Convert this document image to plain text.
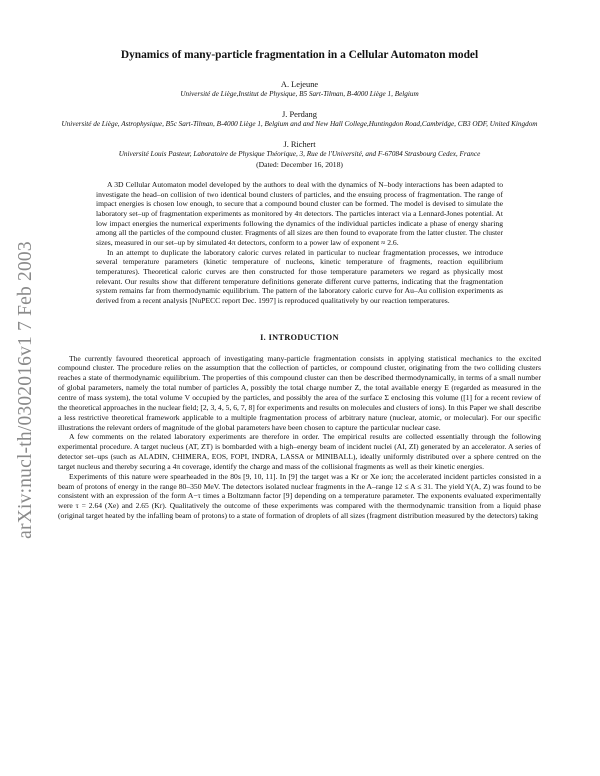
arXiv:nucl-th/0302016v1 7 Feb 2003
Dynamics of many-particle fragmentation in a Cellular Automaton model

A. Lejeune

Université de Liège,Institut de Physique, B5 Sart-Tilman, B-4000 Liège 1, Belgium

J. Perdang

Université de Liège, Astrophysique, B5c Sart-Tilman, B-4000 Liège 1, Belgium and and New Hall College,Huntingdon Road,Cambridge, CB3 ODF, United Kingdom

J. Richert

Université Louis Pasteur, Laboratoire de Physique Théorique, 3, Rue de l'Université, and F-67084 Strasbourg Cedex, France

(Dated: December 16, 2018)

A 3D Cellular Automaton model developed by the authors to deal with the dynamics of N–body interactions has been adapted to investigate the head–on collision of two identical bound clusters of particles, and the ensuing process of fragmentation. The range of impact energies is chosen low enough, to secure that a compound bound cluster can be formed. The model is devised to simulate the laboratory set–up of fragmentation experiments as monitored by 4π detectors. The particles interact via a Lennard-Jones potential. At low impact energies the numerical experiments following the dynamics of the individual particles indicate a phase of energy sharing among all the particles of the compound cluster. Fragments of all sizes are then found to evaporate from the latter cluster. The cluster sizes, measured in our set–up by simulated 4π detectors, conform to a power law of exponent ≈ 2.6.

In an attempt to duplicate the laboratory caloric curves related in particular to nuclear fragmentation processes, we introduce several temperature parameters (kinetic temperature of nucleons, kinetic temperature of fragments, reaction equilibrium temperatures). Theoretical caloric curves are then constructed for those temperature parameters we regard as physically most relevant. Our results show that different temperature definitions generate different curve patterns, indicating that the fragmentation system remains far from thermodynamic equilibrium. The pattern of the laboratory caloric curve for Au–Au collision experiments as derived from a recent analysis [NuPECC report Dec. 1997] is reproduced qualitatively by our reaction temperatures.

I. INTRODUCTION

The currently favoured theoretical approach of investigating many-particle fragmentation consists in applying statistical mechanics to the excited compound cluster. The procedure relies on the assumption that the collection of particles, or compound cluster, originating from the two colliding clusters reaches a state of thermodynamic equilibrium. The properties of this compound cluster can then be described thermodynamically, in terms of a small number of global parameters, namely the total number of particles A, possibly the total charge number Z, the total available energy E (regarded as measured in the centre of mass system), the total volume V occupied by the particles, and possibly the area of the surface Σ enclosing this volume ([1] for a recent review of the theoretical approaches in the nuclear field; [2, 3, 4, 5, 6, 7, 8] for experiments and results on molecules and clusters of ions). In this Paper we shall describe a less restrictive theoretical framework applicable to a multiple fragmentation process of arbitrary nature (nuclear, atomic, or molecular). For our specific illustrations the relevant orders of magnitude of the global parameters have been chosen to capture the particular nuclear case.

A few comments on the related laboratory experiments are therefore in order. The empirical results are collected essentially through the following experimental procedure. A target nucleus (AT, ZT) is bombarded with a high–energy beam of incident nuclei (AI, ZI) generated by an accelerator. A series of detector set–ups (such as ALADIN, CHIMERA, EOS, FOPI, INDRA, LASSA or MINIBALL), ideally uniformly distributed over a sphere centred on the target nucleus and thereby securing a 4π coverage, identify the charge and mass of the collisional fragments as well as their kinetic energies.

Experiments of this nature were spearheaded in the 80s [9, 10, 11]. In [9] the target was a Kr or Xe ion; the accelerated incident particles consisted in a beam of protons of energy in the range 80–350 MeV. The detectors isolated nuclear fragments in the A–range 12 ≤ A ≤ 31. The yield Y(A, Z) was found to be consistent with an expression of the form A−τ times a Boltzmann factor [9] depending on a temperature parameter. The exponents evaluated experimentally were τ = 2.64 (Xe) and 2.65 (Kr). Qualitatively the outcome of these experiments was compared with the thermodynamic transition from a liquid phase (original target heated by the infalling beam of protons) to a state of formation of droplets of all sizes (fragment distribution measured by the detectors) taking
